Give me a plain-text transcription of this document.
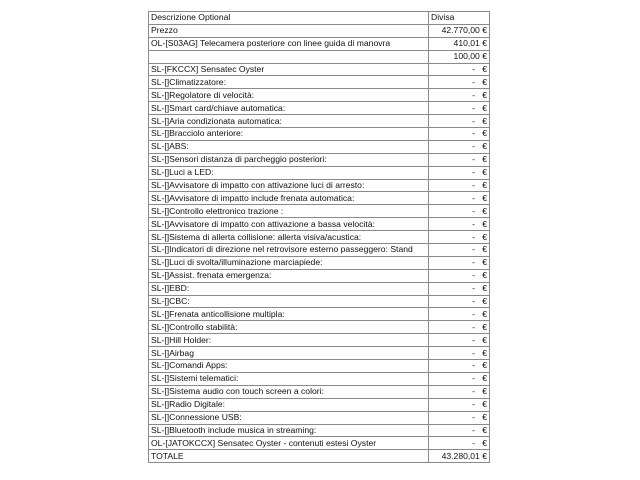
Descrizione Optional	Divisa
Prezzo	42.770,00 €
OL-[S03AG] Telecamera posteriore con linee guida di manovra	410,01 €
	100,00 €
SL-[FKCCX] Sensatec Oyster	- €

SL-[]Climatizzatore:	- €

SL-[]Regolatore di velocità:	- €

SL-[]Smart card/chiave automatica:	- €

SL-[]Aria condizionata automatica:	- €

SL-[]Bracciolo anteriore:	- €

SL-[]ABS:	- €

SL-[]Sensori distanza di parcheggio posteriori:	- €

SL-[]Luci a LED:	- €

SL-[]Avvisatore di impatto con attivazione luci di arresto:	- €

SL-[]Avvisatore di impatto include frenata automatica:	- €

SL-[]Controllo elettronico trazione :	- €

SL-[]Avvisatore di impatto con attivazione a bassa velocità:	- €

SL-[]Sistema di allerta collisione: allerta visiva/acustica:	- €

SL-[]Indicatori di direzione nel retrovisore esterno passeggero: Stand	- €

SL-[]Luci di svolta/illuminazione marciapiede:	- €

SL-[]Assist. frenata emergenza:	- €

SL-[]EBD:	- €

SL-[]CBC:	- €

SL-[]Frenata anticollisione multipla:	- €

SL-[]Controllo stabilità:	- €

SL-[]Hill Holder:	- €

SL-[]Airbag	- €

SL-[]Comandi Apps:	- €

SL-[]Sistemi telematici:	- €

SL-[]Sistema audio con touch screen a colori:	- €

SL-[]Radio Digitale:	- €

SL-[]Connessione USB:	- €

SL-[]Bluetooth include musica in streaming:	- €

OL-[JATOKCCX] Sensatec Oyster - contenuti estesi Oyster	- €

TOTALE	43.280,01 €
